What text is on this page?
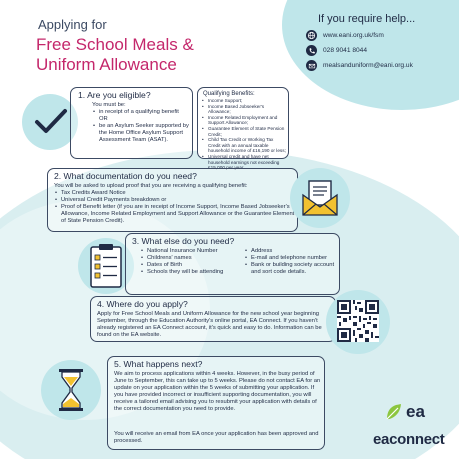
Applying for
Free School Meals &
Uniform Allowance
If you require help...
www.eani.org.uk/fsm
028 9041 8044
mealsanduniform@eani.org.uk
1. Are you eligible?
You must be:
• in receipt of a qualifying benefit
OR
• be an Asylum Seeker supported by the Home Office Asylum Support Assessment Team (ASAT).
Qualifying Benefits:
• Income Support;
• Income Based Jobseeker's Allowance;
• Income Related Employment and Support Allowance;
• Guarantee Element of State Pension Credit;
• Child Tax Credit or Working Tax Credit with an annual taxable household income of £16,190 or less;
• Universal credit and have net household earnings not exceeding £15,000 per year.
2. What documentation do you need?
You will be asked to upload proof that you are receiving a qualifying benefit:
• Tax Credits Award Notice
• Universal Credit Payments breakdown or
• Proof of Benefit letter (if you are in receipt of Income Support, Income Based Jobseeker's Allowance, Income Related Employment and Support Allowance or the Guarantee Element of State Pension Credit).
3. What else do you need?
• National Insurance Number
• Childrens' names
• Dates of Birth
• Schools they will be attending
• Address
• E-mail and telephone number
• Bank or building society account and sort code details.
4. Where do you apply?
Apply for Free School Meals and Uniform Allowance for the new school year beginning September, through the Education Authority's online portal, EA Connect. If you haven't already registered an EA Connect account, it's quick and easy to do. Information can be found on the EA website.
5. What happens next?
We aim to process applications within 4 weeks. However, in the busy period of June to September, this can take up to 5 weeks. Please do not contact EA for an update on your application within the 5 weeks of submitting your application. If you have provided incorrect or insufficient supporting documentation, you will receive a tailored email advising you to resubmit your application with details of the correct documentation you need to provide.
You will receive an email from EA once your application has been approved and processed.
ea
eaconnect
